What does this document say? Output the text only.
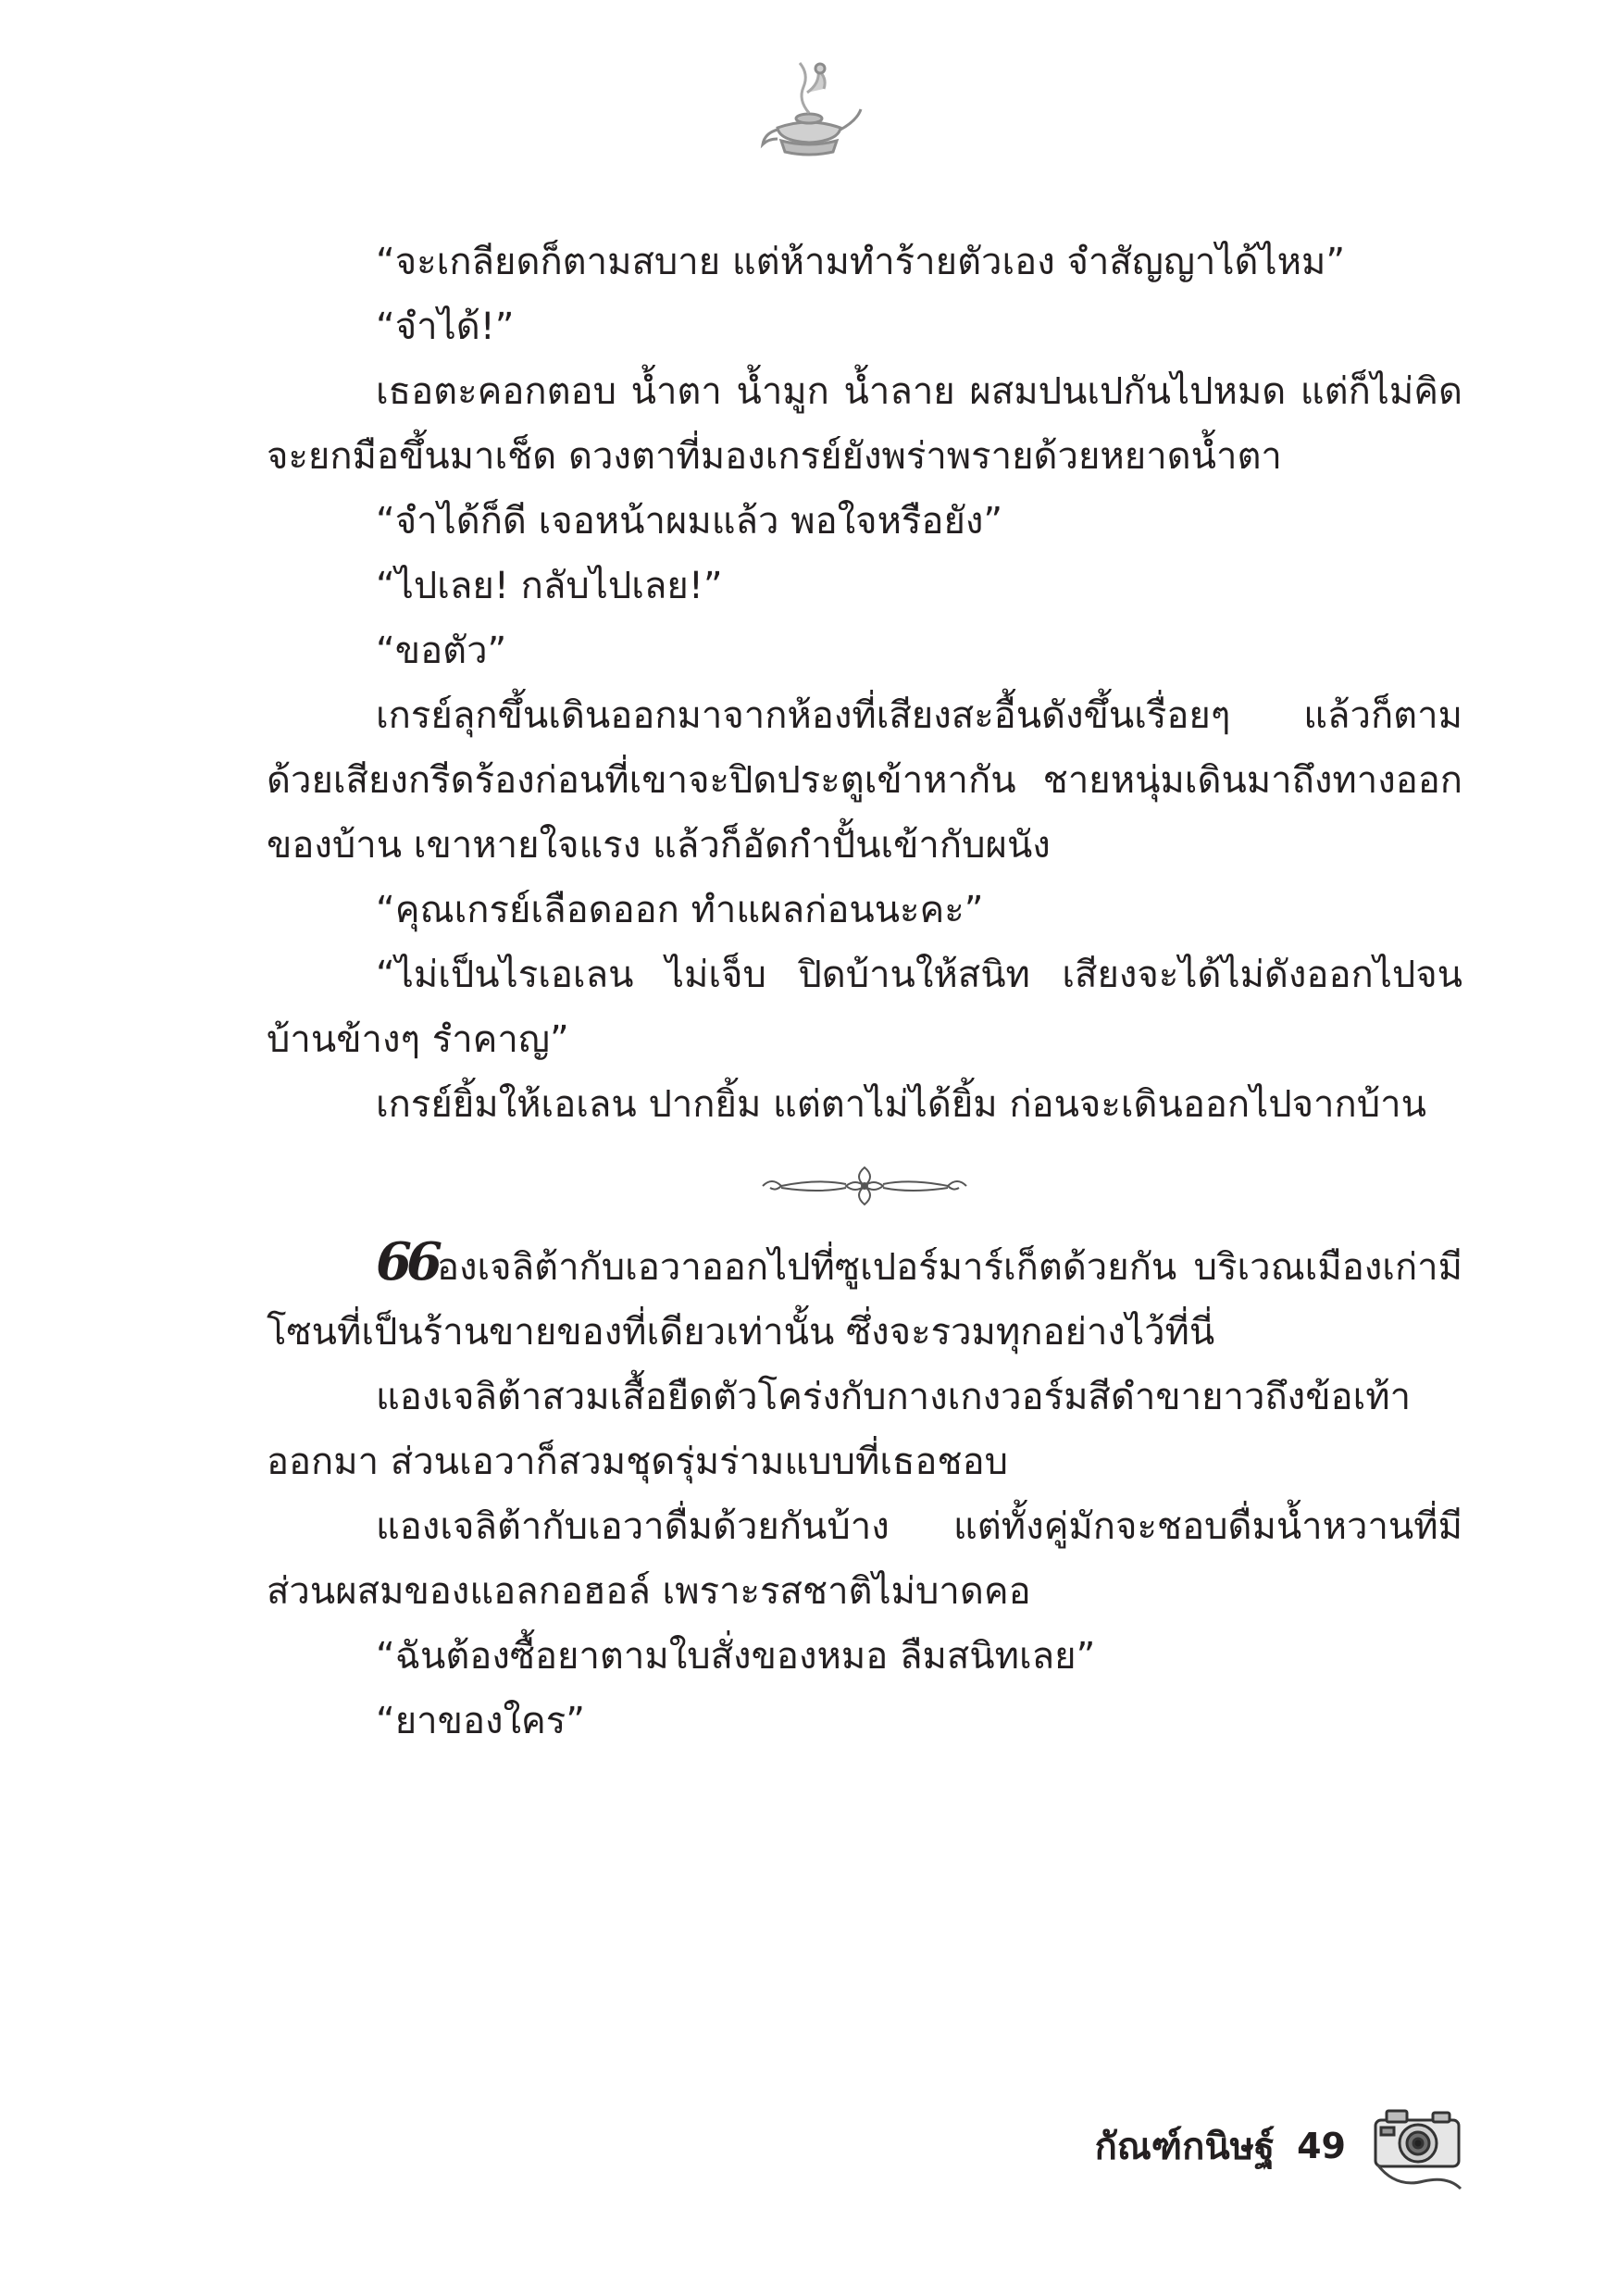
“จะเกลียดก็ตามสบาย แต่ห้ามทำร้ายตัวเอง จำสัญญาได้ไหม”

“จำได้!”

เธอตะคอกตอบ น้ำตา น้ำมูก น้ำลาย ผสมปนเปกันไปหมด แต่ก็ไม่คิดจะยกมือขึ้นมาเช็ด ดวงตาที่มองเกรย์ยังพร่าพรายด้วยหยาดน้ำตา

“จำได้ก็ดี เจอหน้าผมแล้ว พอใจหรือยัง”

“ไปเลย! กลับไปเลย!”

“ขอตัว”

เกรย์ลุกขึ้นเดินออกมาจากห้องที่เสียงสะอื้นดังขึ้นเรื่อยๆ แล้วก็ตามด้วยเสียงกรีดร้องก่อนที่เขาจะปิดประตูเข้าหากัน ชายหนุ่มเดินมาถึงทางออกของบ้าน เขาหายใจแรง แล้วก็อัดกำปั้นเข้ากับผนัง

“คุณเกรย์เลือดออก ทำแผลก่อนนะคะ”

“ไม่เป็นไรเอเลน ไม่เจ็บ ปิดบ้านให้สนิท เสียงจะได้ไม่ดังออกไปจนบ้านข้างๆ รำคาญ”

เกรย์ยิ้มให้เอเลน ปากยิ้ม แต่ตาไม่ได้ยิ้ม ก่อนจะเดินออกไปจากบ้าน

66องเจลิต้ากับเอวาออกไปที่ซูเปอร์มาร์เก็ตด้วยกัน บริเวณเมืองเก่ามีโซนที่เป็นร้านขายของที่เดียวเท่านั้น ซึ่งจะรวมทุกอย่างไว้ที่นี่

แองเจลิต้าสวมเสื้อยืดตัวโคร่งกับกางเกงวอร์มสีดำขายาวถึงข้อเท้าออกมา ส่วนเอวาก็สวมชุดรุ่มร่ามแบบที่เธอชอบ

แองเจลิต้ากับเอวาดื่มด้วยกันบ้าง แต่ทั้งคู่มักจะชอบดื่มน้ำหวานที่มีส่วนผสมของแอลกอฮอล์ เพราะรสชาติไม่บาดคอ

“ฉันต้องซื้อยาตามใบสั่งของหมอ ลืมสนิทเลย”

“ยาของใคร”

กัณฑ์กนิษฐ์ 49
